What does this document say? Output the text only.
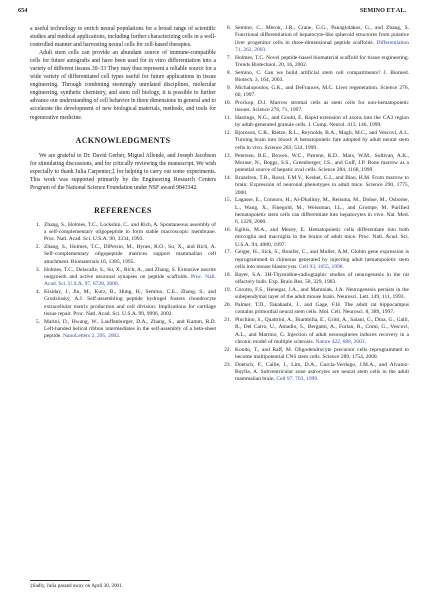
654	SEMINO ET AL.

a useful technology to enrich neural populations for a broad range of scientific studies and medical applications, including further characterizing cells in a well-controlled manner and harvesting neural cells for cell-based therapies.

Adult stem cells can provide an abundant source of immune-compatible cells for future autografts and have been used for in vitro differentiation into a variety of different tissues.30–33 They may thus represent a reliable source for a wide variety of differentiated cell types useful for future applications in tissue engineering. Through combining seemingly unrelated disciplines, molecular engineering, synthetic chemistry, and stem cell biology, it is possible to further advance our understanding of cell behavior in three dimensions in general and to accelerate the development of new biological materials, methods, and tools for regenerative medicine.

ACKNOWLEDGMENTS

We are grateful to Dr. David Gerber, Miguel Allende, and Joseph Jacobson for stimulating discussions, and for critically reviewing the manuscript. We wish especially to thank Julia Carpenter,‡ for helping to carry out some experiments. This work was supported primarily by the Engineering Research Centers Program of the National Science Foundation under NSF award 9843342.

REFERENCES
1. Zhang, S., Holmes, T.C., Lockshin, C., and Rich, A. Spontaneous assembly of a self-complementary oligopeptide to form stable macroscopic membrane. Proc. Natl. Acad. Sci. U.S.A. 90, 3334, 1993.
2. Zhang, S., Holmes, T.C., DiPersio, M., Hynes, R.O., Su, X., and Rich, A. Self-complementary oligopeptide matrices support mammalian cell attachment. Biomaterials 16, 1385, 1995.
3. Holmes, T.C., Delacalle, S., Su, X., Rich, A., and Zhang, S. Extensive neurite outgrowth and active neuronal synapses on peptide scaffolds. Proc. Natl. Acad. Sci. U.S.A. 97, 6728, 2000.
4. Kisiday, J., Jin, M., Kurz, B., Hung, H., Semino, C.E., Zhang, S., and Grodzinsky, A.J. Self-assembling peptide hydrogel fosters chondrocyte extracellular matrix production and cell division: Implications for cartilage tissue repair. Proc. Natl. Acad. Sci. U.S.A. 99, 9996, 2002.
5. Marini, D., Hwang, W., Lauffenburger, D.A., Zhang, S., and Kamm, R.D. Left-handed helical ribbon intermediates in the self-assembly of a beta-sheet peptide. NanoLetters 2, 295, 2002.
6. Semino, C., Merok, J.R., Crane, G.G., Panagiotakos, G., and Zhang, S. Functional differentiation of hepatocyte-like spheroid structures from putative liver progenitor cells in three-dimensional peptide scaffolds. Differentiation 71, 262, 2003.
7. Holmes, T.C. Novel peptide-based biomaterial scaffold for tissue engineering. Trends Biotechnol. 20, 16, 2002.
8. Semino, C. Can we build artificial stem cell compartments? J. Biomed. Biotech. 3, 164, 2003.
9. Michalopoulos, G.K., and DeFrances, M.C. Liver regeneration. Science 276, 60, 1997.
10. Prockop, D.J. Marrow stromal cells as stem cells for non-hematopoietic tissues. Science 276, 71, 1997.
11. Hastings, N.G., and Gould, E. Rapid extension of axons into the CA3 region by adult-generated granule cells. J. Comp. Neurol. 413, 146, 1999.
12. Bjornson, C.R., Rietze, R.L., Reynolds, B.A., Magli, M.C., and Vescovi, A.L. Turning brain into blood: A hematopoietic fate adopted by adult neural stem cells in vivo. Science 283, 534, 1999.
13. Petersen, B.E., Bowen, W.C., Patrene, K.D., Mars, W.M., Sullivan, A.K., Murase, N., Boggs, S.S., Greenberger, J.S., and Goff, J.P. Bone marrow as a potential source of hepatic oval cells. Science 284, 1168, 1999.
14. Brazelton, T.R., Rossi, F.M.V., Keshet, G.I., and Blau, H.M. From marrow to brain: Expression of neuronal phenotypes in adult mice. Science 290, 1775, 2000.
15. Lagasse, E., Connors, H., Al-Dhalimy, M., Reitsma, M., Dohse, M., Osborne, L., Wang, X., Finegold, M., Weissman, I.L., and Grompe, M. Purified hematopoietic stem cells can differentiate into hepatocytes in vivo. Nat. Med. 6, 1229, 2000.
16. Eglitis, M.A., and Mezey, E. Hematopoietic cells differentiate into both microglia and macroglia in the brains of adult mice. Proc. Natl. Acad. Sci. U.S.A. 94, 4080, 1997.
17. Geiger, H., Sick, S., Bonifer, C., and Muller, A.M. Globin gene expression is reprogrammed in chimeras generated by injecting adult hematopoietic stem cells into mouse blastocysts. Cell 93, 1055, 1998.
18. Bayer, S.A. 3H-Thymidine-radiographic studies of neurogenesis in the rat olfactory bulb. Exp. Brain Res. 50, 329, 1983.
19. Corotto, F.S., Henegar, J.A., and Maruniak, J.A. Neurogenesis persists in the subependymal layer of the adult mouse brain. Neurosci. Lett. 149, 111, 1993.
20. Palmer, T.D., Takahashi, J., and Gage, F.H. The adult rat hippocampus contains primordial neural stem cells. Mol. Cell. Neurosci. 8, 389, 1997.
21. Pluchino, S., Quattrini, A., Brambilla, E., Gritti, A., Salani, G., Dina, G., Galli, R., Del Carro, U., Amadio, S., Bergami, A., Furlan, R., Comi, G., Vescovi, A.L., and Martino, G. Injection of adult neurospheres induces recovery in a chronic model of multiple sclerosis. Nature 422, 688, 2003.
22. Kondo, T., and Raff, M. Oligodendrocyte precursor cells reprogrammed to become multipotential CNS stem cells. Science 289, 1754, 2000.
23. Doetsch, F., Caille, I., Lim, D.A., Garcia-Verdugo, J.M.A., and Alvarez-Buylla, A. Subventricular zone astrocytes are neural stem cells in the adult mammalian brain. Cell 97, 703, 1999.
‡Sadly, Julia passed away on April 30, 2001.
